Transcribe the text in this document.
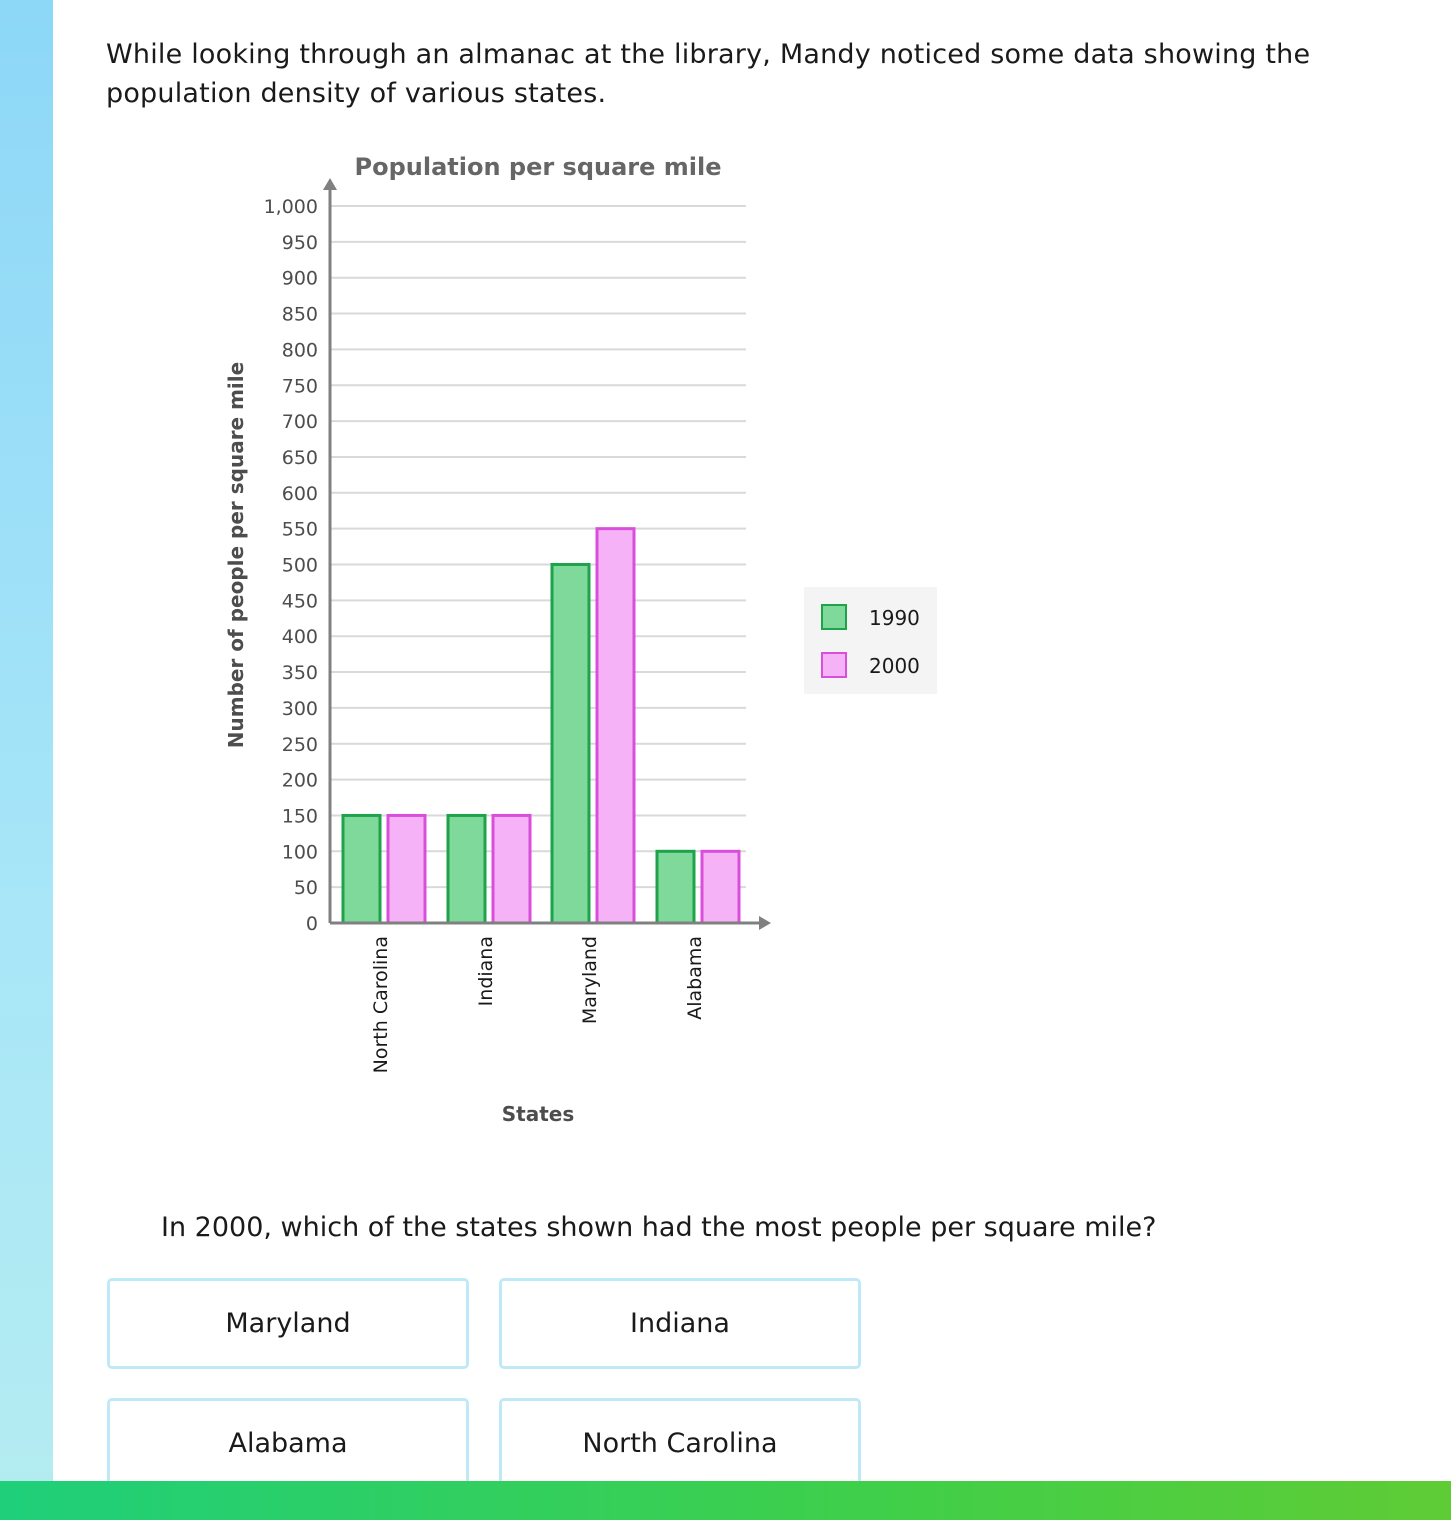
While looking through an almanac at the library, Mandy noticed some data showing the population density of various states.
Population per square mile
0
50
100
150
200
250
300
350
400
450
500
550
600
650
700
750
800
850
900
950
1,000
North Carolina	Indiana	Maryland	Alabama
Number of people per square mile
States
1990
2000
In 2000, which of the states shown had the most people per square mile?
Maryland	Indiana
Alabama	North Carolina
